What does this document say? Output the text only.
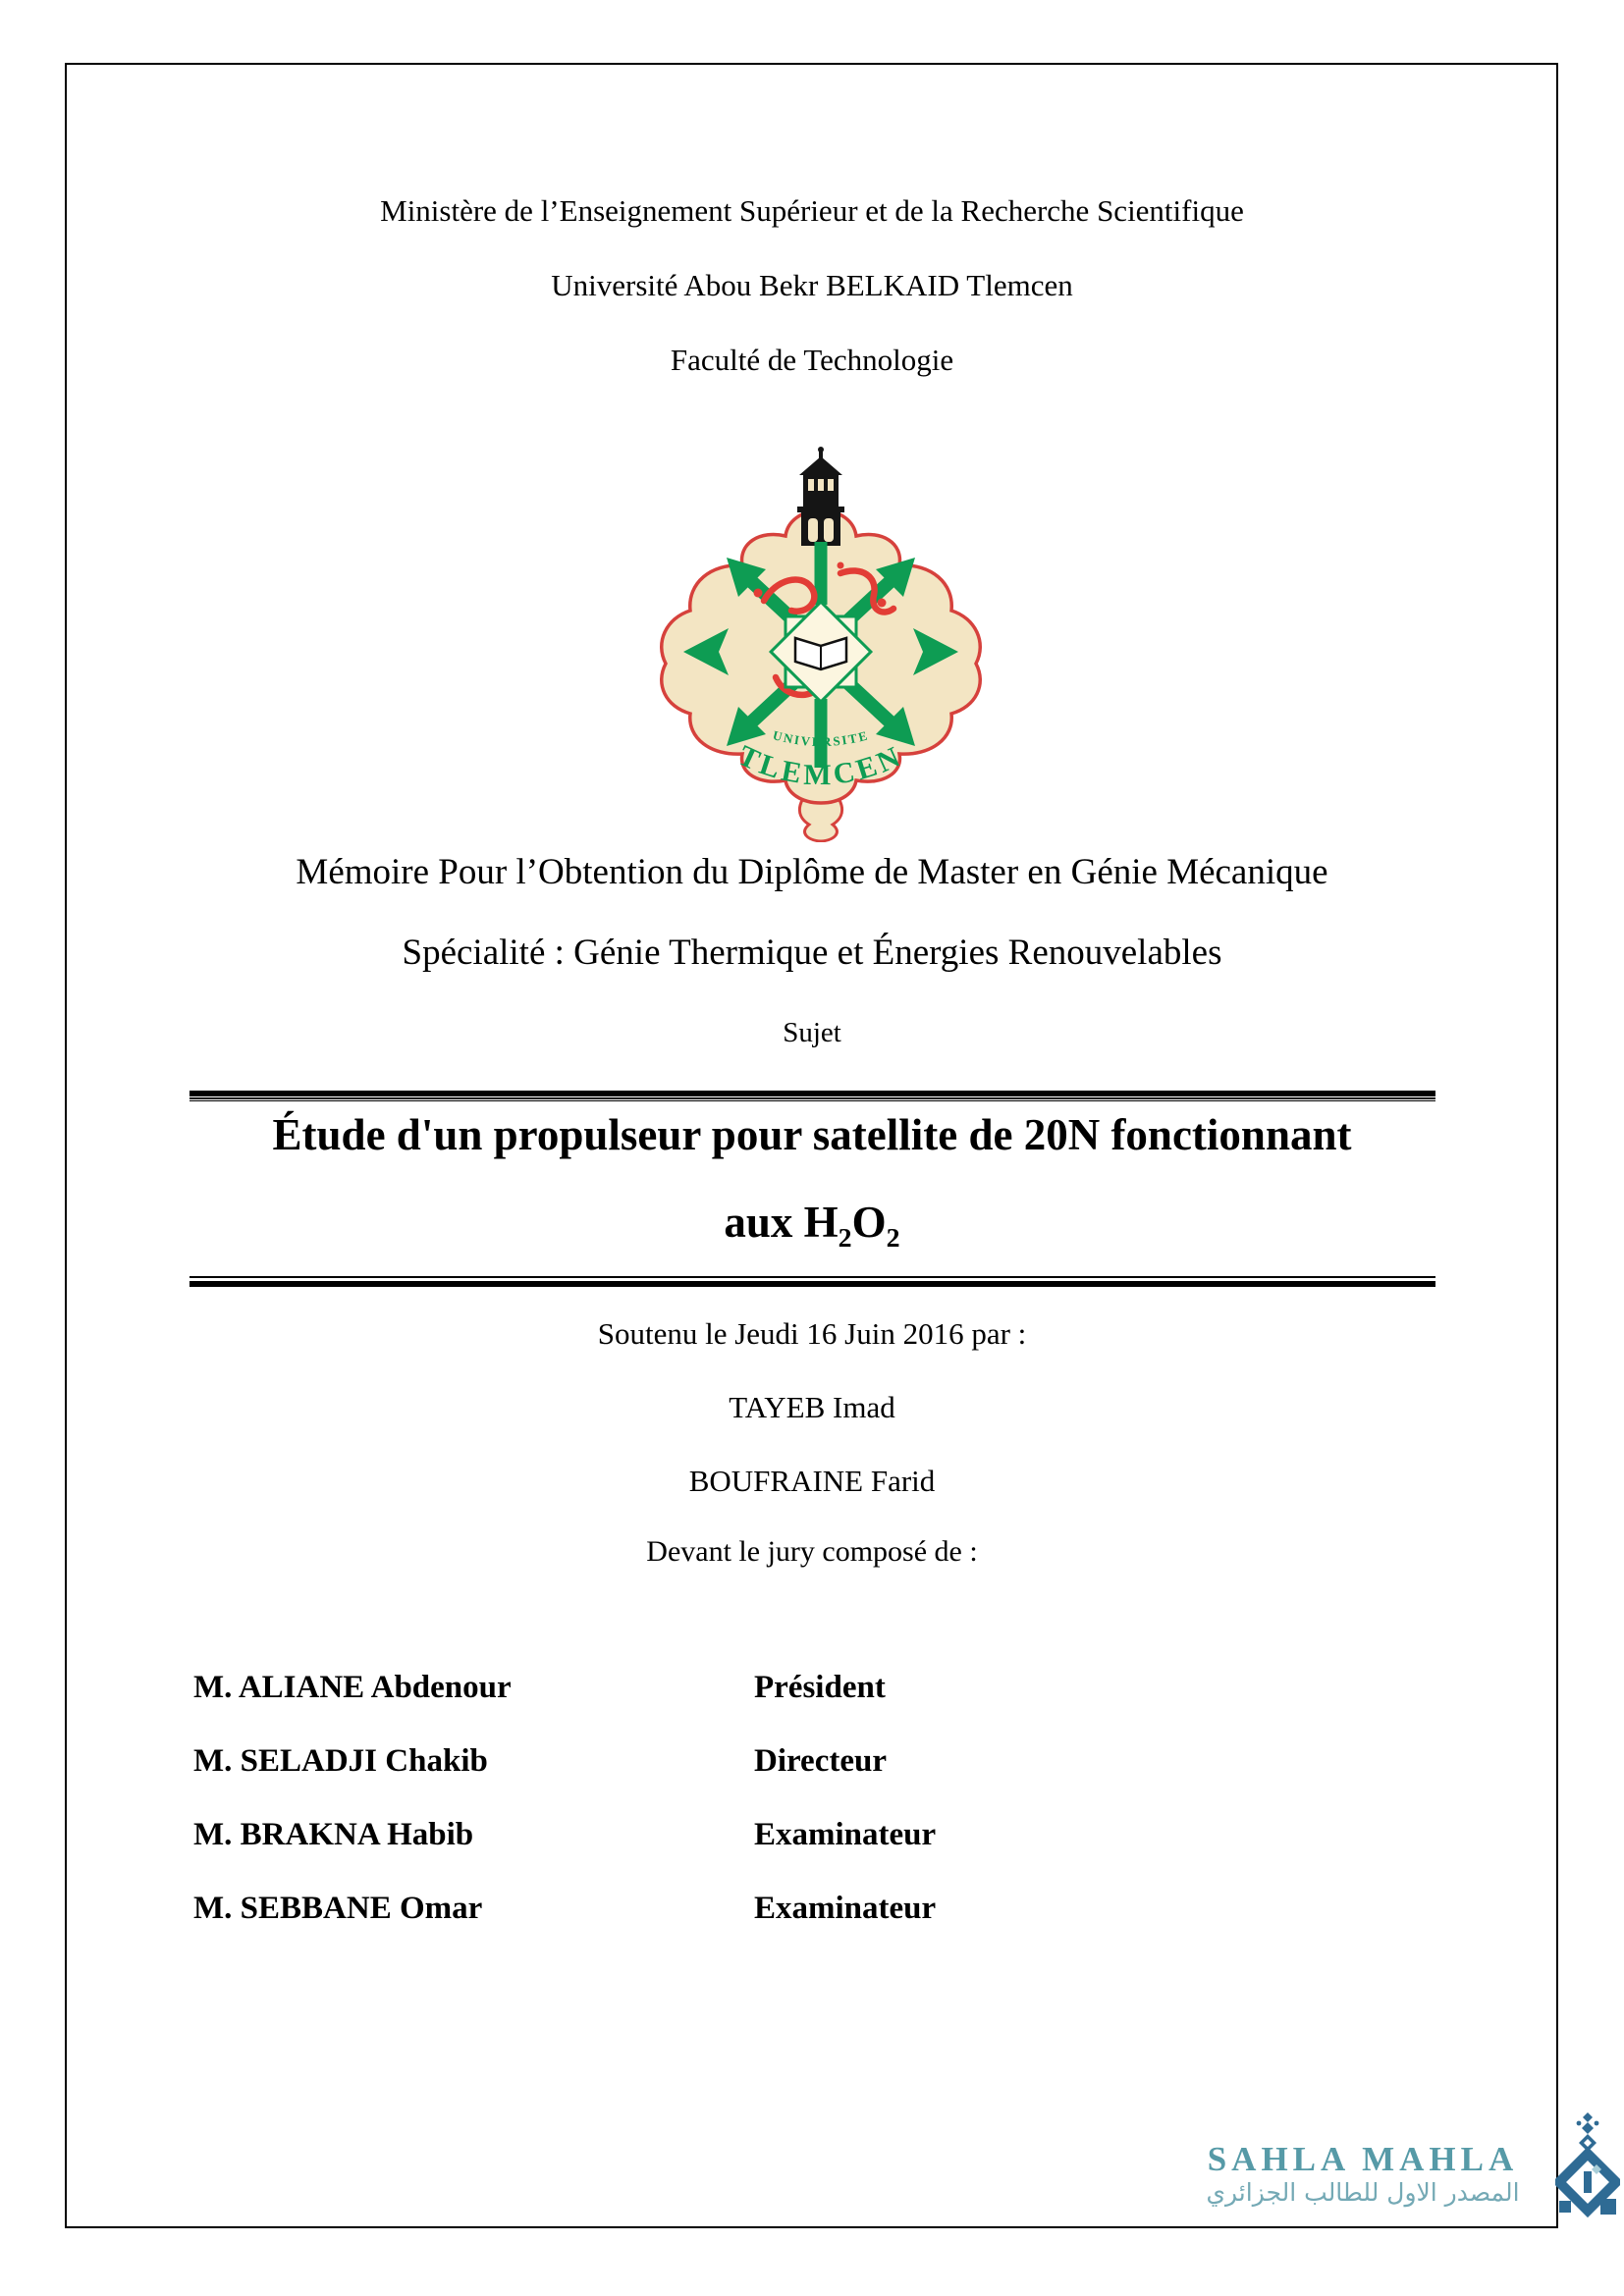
Ministère de l’Enseignement Supérieur et de la Recherche Scientifique
Université Abou Bekr BELKAID Tlemcen
Faculté de Technologie
UNIVERSITE
TLEMCEN
Mémoire Pour l’Obtention du Diplôme de Master en Génie Mécanique
Spécialité : Génie Thermique et Énergies Renouvelables
Sujet
Étude d'un propulseur pour satellite de 20N fonctionnant
aux $H_2O_2$
Soutenu le Jeudi 16 Juin 2016 par :
TAYEB Imad
BOUFRAINE Farid
Devant le jury composé de :
M. ALIANE Abdenour	Président
M. SELADJI Chakib	Directeur
M. BRAKNA Habib	Examinateur
M. SEBBANE Omar	Examinateur
SAHLA MAHLA
المصدر الاول للطالب الجزائري
